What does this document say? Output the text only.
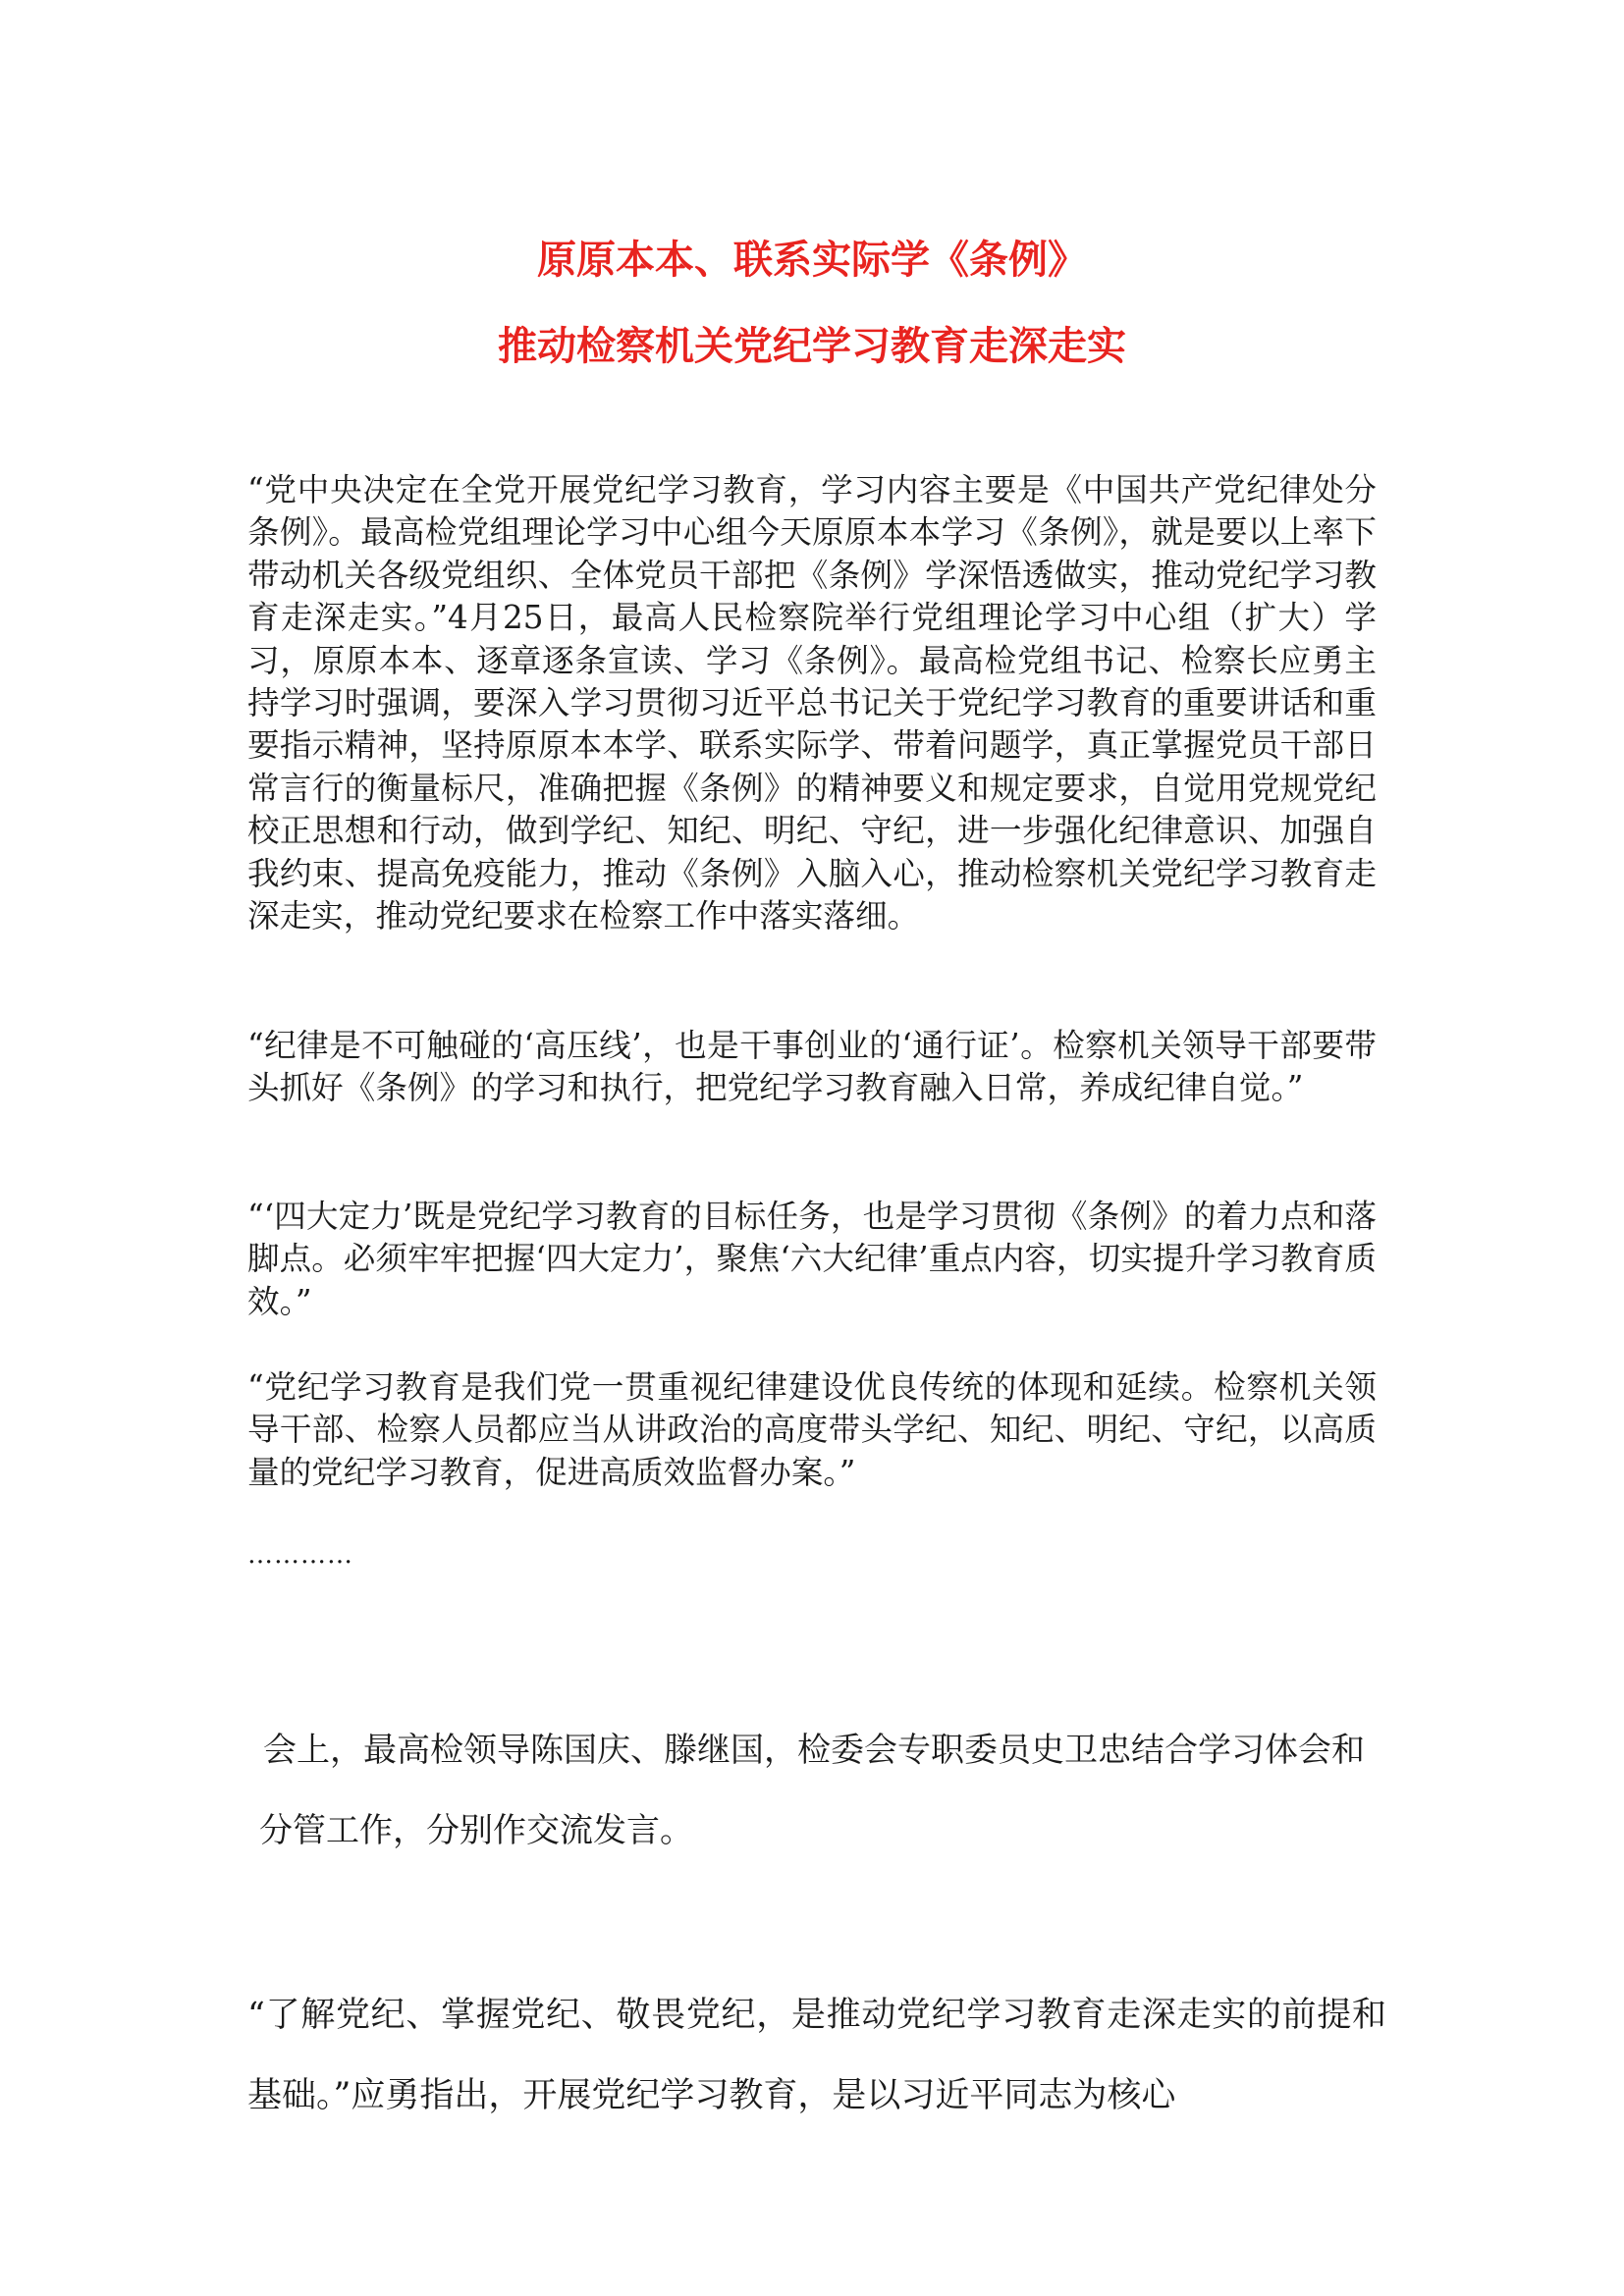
原原本本、联系实际学《条例》
推动检察机关党纪学习教育走深走实

“党中央决定在全党开展党纪学习教育，学习内容主要是《中国共产党纪律处分条例》。最高检党组理论学习中心组今天原原本本学习《条例》，就是要以上率下带动机关各级党组织、全体党员干部把《条例》学深悟透做实，推动党纪学习教育走深走实。”4月25日，最高人民检察院举行党组理论学习中心组（扩大）学习，原原本本、逐章逐条宣读、学习《条例》。最高检党组书记、检察长应勇主持学习时强调，要深入学习贯彻习近平总书记关于党纪学习教育的重要讲话和重要指示精神，坚持原原本本学、联系实际学、带着问题学，真正掌握党员干部日常言行的衡量标尺，准确把握《条例》的精神要义和规定要求，自觉用党规党纪校正思想和行动，做到学纪、知纪、明纪、守纪，进一步强化纪律意识、加强自我约束、提高免疫能力，推动《条例》入脑入心，推动检察机关党纪学习教育走深走实，推动党纪要求在检察工作中落实落细。

“纪律是不可触碰的‘高压线’，也是干事创业的‘通行证’。检察机关领导干部要带头抓好《条例》的学习和执行，把党纪学习教育融入日常，养成纪律自觉。”

“‘四大定力’既是党纪学习教育的目标任务，也是学习贯彻《条例》的着力点和落脚点。必须牢牢把握‘四大定力’，聚焦‘六大纪律’重点内容，切实提升学习教育质效。”

“党纪学习教育是我们党一贯重视纪律建设优良传统的体现和延续。检察机关领导干部、检察人员都应当从讲政治的高度带头学纪、知纪、明纪、守纪，以高质量的党纪学习教育，促进高质效监督办案。”

…………

会上，最高检领导陈国庆、滕继国，检委会专职委员史卫忠结合学习体会和分管工作，分别作交流发言。

“了解党纪、掌握党纪、敬畏党纪，是推动党纪学习教育走深走实的前提和基础。”应勇指出，开展党纪学习教育，是以习近平同志为核心
